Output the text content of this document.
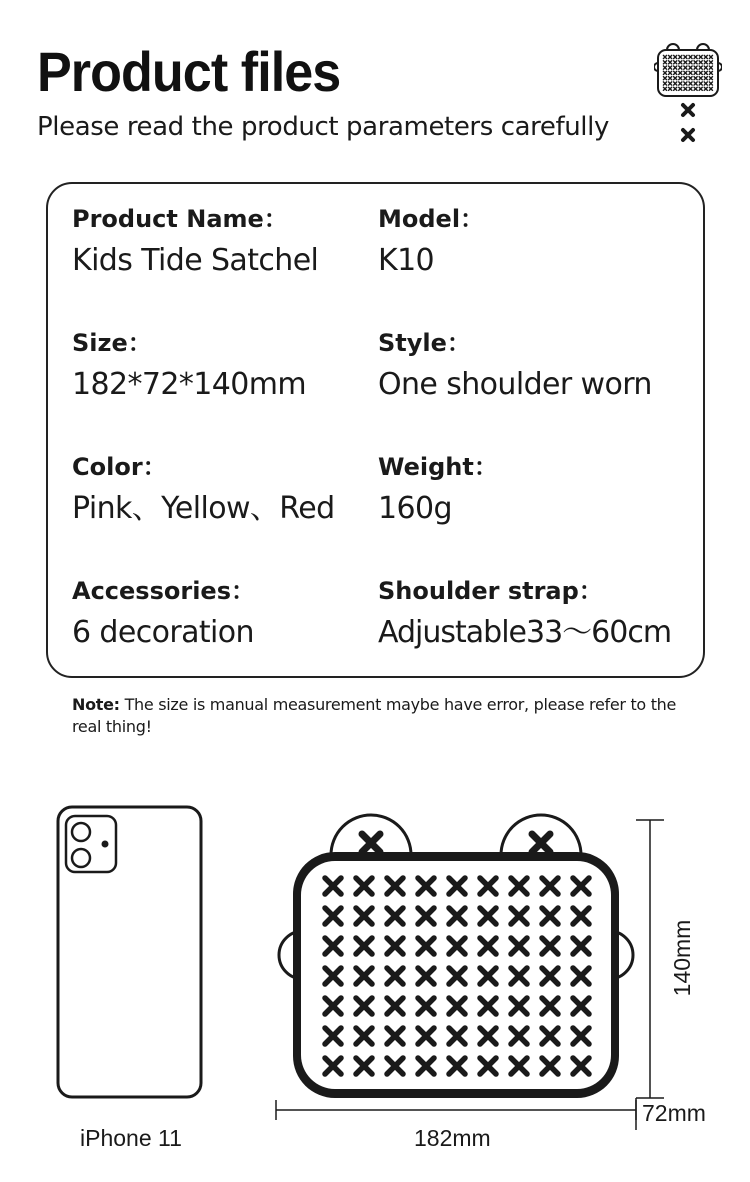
Product files
Please read the product parameters carefully
Product Name：
Kids Tide Satchel
Model：
K10
Size：
182*72*140mm
Style：
One shoulder worn
Color：
Pink、Yellow、Red
Weight：
160g
Accessories：
6 decoration
Shoulder strap：
Adjustable33～60cm
Note: The size is manual measurement maybe have error, please refer to the real thing!
iPhone 11	182mm
72mm
140mm
